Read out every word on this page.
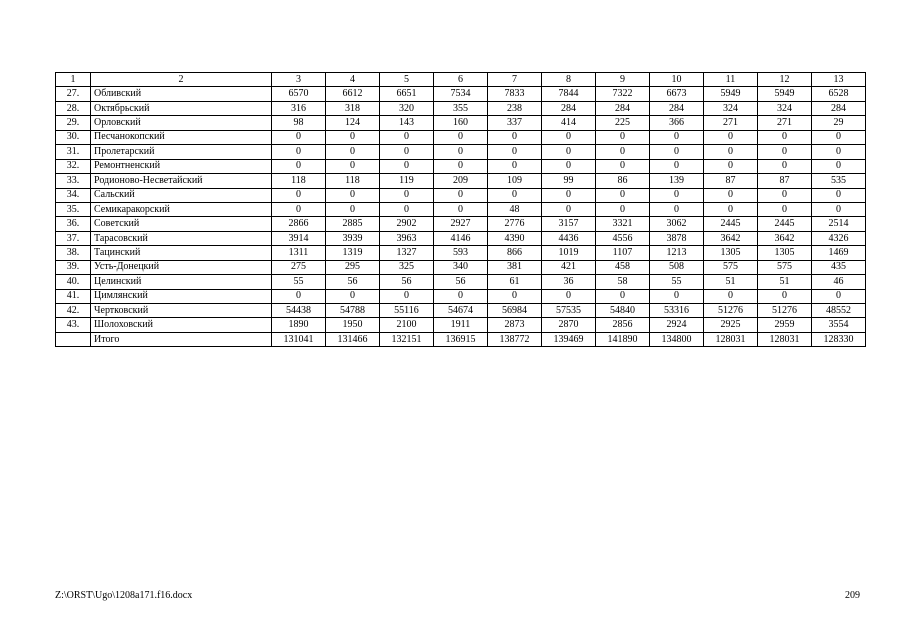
1	2	3	4	5	6	7	8	9	10	11	12	13
27.	Обливский	6570	6612	6651	7534	7833	7844	7322	6673	5949	5949	6528
28.	Октябрьский	316	318	320	355	238	284	284	284	324	324	284
29.	Орловский	98	124	143	160	337	414	225	366	271	271	29
30.	Песчанокопский	0	0	0	0	0	0	0	0	0	0	0
31.	Пролетарский	0	0	0	0	0	0	0	0	0	0	0
32.	Ремонтненский	0	0	0	0	0	0	0	0	0	0	0
33.	Родионово-Несветайский	118	118	119	209	109	99	86	139	87	87	535
34.	Сальский	0	0	0	0	0	0	0	0	0	0	0
35.	Семикаракорский	0	0	0	0	48	0	0	0	0	0	0
36.	Советский	2866	2885	2902	2927	2776	3157	3321	3062	2445	2445	2514
37.	Тарасовский	3914	3939	3963	4146	4390	4436	4556	3878	3642	3642	4326
38.	Тацинский	1311	1319	1327	593	866	1019	1107	1213	1305	1305	1469
39.	Усть-Донецкий	275	295	325	340	381	421	458	508	575	575	435
40.	Целинский	55	56	56	56	61	36	58	55	51	51	46
41.	Цимлянский	0	0	0	0	0	0	0	0	0	0	0
42.	Чертковский	54438	54788	55116	54674	56984	57535	54840	53316	51276	51276	48552
43.	Шолоховский	1890	1950	2100	1911	2873	2870	2856	2924	2925	2959	3554
	Итого	131041	131466	132151	136915	138772	139469	141890	134800	128031	128031	128330
Z:\ORST\Ugo\1208a171.f16.docx	209
